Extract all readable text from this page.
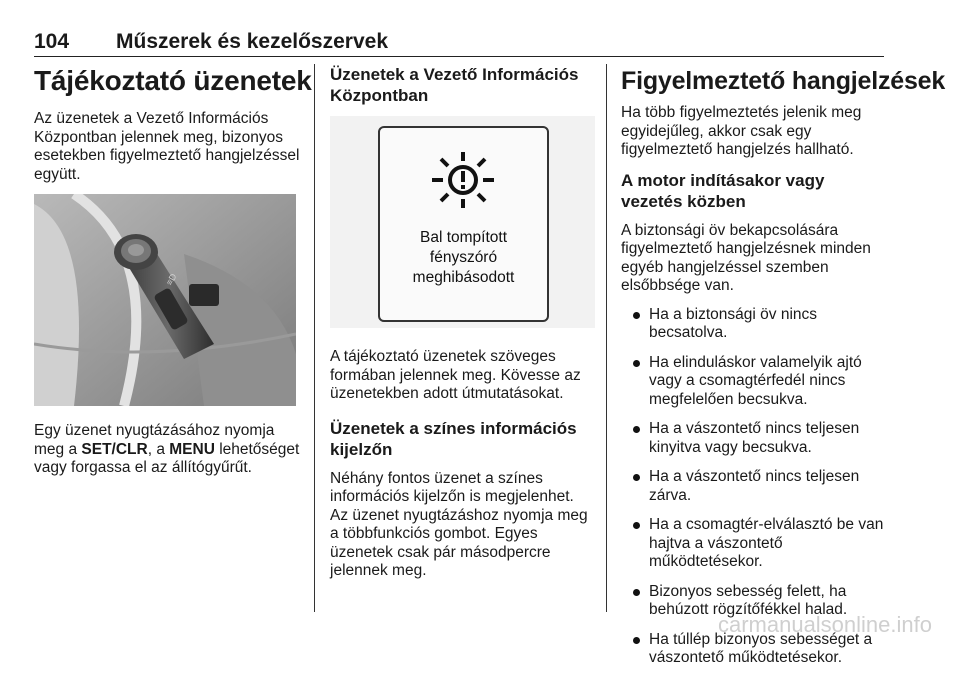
104 Műszerek és kezelőszervek
Tájékoztató üzenetek

Az üzenetek a Vezető Információs Központban jelennek meg, bizonyos esetekben figyelmeztető hangjelzéssel együtt.

≡D

Egy üzenet nyugtázásához nyomja meg a SET/CLR, a MENU lehetőséget vagy forgassa el az állítógyűrűt.

Üzenetek a Vezető Információs Központban
Bal tompított
fényszóró
meghibásodott

A tájékoztató üzenetek szöveges formában jelennek meg. Kövesse az üzenetekben adott útmutatásokat.

Üzenetek a színes információs kijelzőn

Néhány fontos üzenet a színes információs kijelzőn is megjelenhet. Az üzenet nyugtázáshoz nyomja meg a többfunkciós gombot. Egyes üzenetek csak pár másodpercre jelennek meg.

Figyelmeztető hangjelzések

Ha több figyelmeztetés jelenik meg egyidejűleg, akkor csak egy figyelmeztető hangjelzés hallható.

A motor indításakor vagy vezetés közben

A biztonsági öv bekapcsolására figyelmeztető hangjelzésnek minden egyéb hangjelzéssel szemben elsőbbsége van.

Ha a biztonsági öv nincs becsatolva.
Ha elinduláskor valamelyik ajtó vagy a csomagtérfedél nincs megfelelően becsukva.
Ha a vászontető nincs teljesen kinyitva vagy becsukva.
Ha a vászontető nincs teljesen zárva.
Ha a csomagtér-elválasztó be van hajtva a vászontető működtetésekor.
Bizonyos sebesség felett, ha behúzott rögzítőfékkel halad.
Ha túllép bizonyos sebességet a vászontető működtetésekor.
carmanualsonline.info
